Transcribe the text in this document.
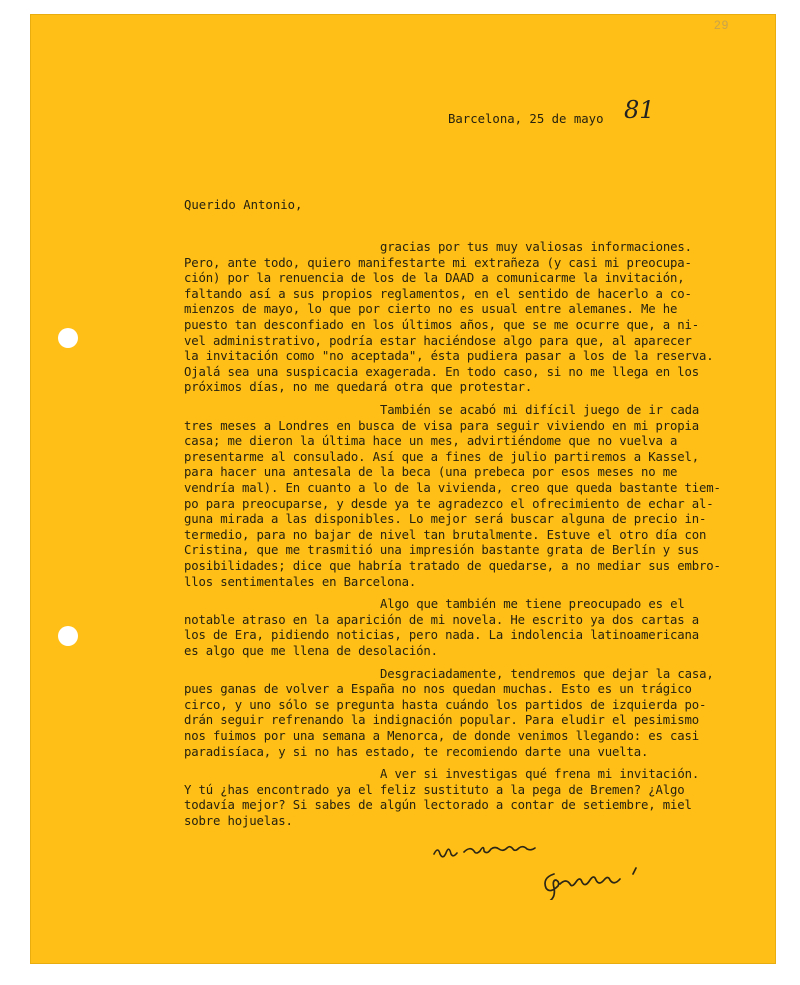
29
Barcelona, 25 de mayo 81
Querido Antonio,
gracias por tus muy valiosas informaciones.
Pero, ante todo, quiero manifestarte mi extrañeza (y casi mi preocupa-
ción) por la renuencia de los de la DAAD a comunicarme la invitación,
faltando así a sus propios reglamentos, en el sentido de hacerlo a co-
mienzos de mayo, lo que por cierto no es usual entre alemanes. Me he
puesto tan desconfiado en los últimos años, que se me ocurre que, a ni-
vel administrativo, podría estar haciéndose algo para que, al aparecer
la invitación como "no aceptada", ésta pudiera pasar a los de la reserva.
Ojalá sea una suspicacia exagerada. En todo caso, si no me llega en los
próximos días, no me quedará otra que protestar.
También se acabó mi difícil juego de ir cada
tres meses a Londres en busca de visa para seguir viviendo en mi propia
casa; me dieron la última hace un mes, advirtiéndome que no vuelva a
presentarme al consulado. Así que a fines de julio partiremos a Kassel,
para hacer una antesala de la beca (una prebeca por esos meses no me
vendría mal). En cuanto a lo de la vivienda, creo que queda bastante tiem-
po para preocuparse, y desde ya te agradezco el ofrecimiento de echar al-
guna mirada a las disponibles. Lo mejor será buscar alguna de precio in-
termedio, para no bajar de nivel tan brutalmente. Estuve el otro día con
Cristina, que me trasmitió una impresión bastante grata de Berlín y sus
posibilidades; dice que habría tratado de quedarse, a no mediar sus embro-
llos sentimentales en Barcelona.
Algo que también me tiene preocupado es el
notable atraso en la aparición de mi novela. He escrito ya dos cartas a
los de Era, pidiendo noticias, pero nada. La indolencia latinoamericana
es algo que me llena de desolación.
Desgraciadamente, tendremos que dejar la casa,
pues ganas de volver a España no nos quedan muchas. Esto es un trágico
circo, y uno sólo se pregunta hasta cuándo los partidos de izquierda po-
drán seguir refrenando la indignación popular. Para eludir el pesimismo
nos fuimos por una semana a Menorca, de donde venimos llegando: es casi
paradisíaca, y si no has estado, te recomiendo darte una vuelta.
A ver si investigas qué frena mi invitación.
Y tú ¿has encontrado ya el feliz sustituto a la pega de Bremen? ¿Algo
todavía mejor? Si sabes de algún lectorado a contar de setiembre, miel
sobre hojuelas.
